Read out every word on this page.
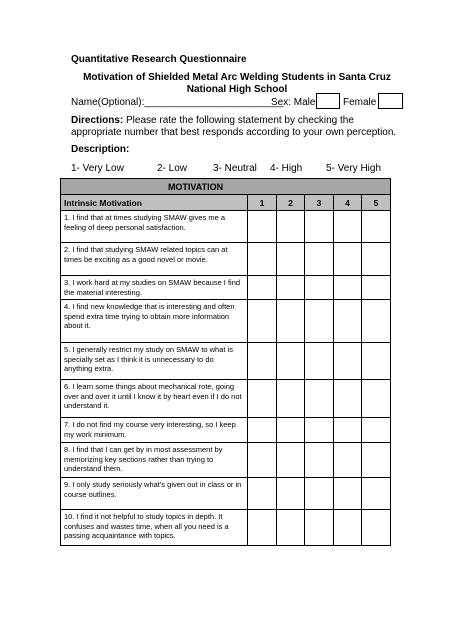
Quantitative Research Questionnaire
Motivation of Shielded Metal Arc Welding Students in Santa Cruz
National High School
Name(Optional):_________________________
Sex: Male	Female
Directions: Please rate the following statement by checking the appropriate number that best responds according to your own perception.
Description:
1- Very Low	2- Low	3- Neutral 4- High 5- Very High
MOTIVATION					
Intrinsic Motivation	1	2	3	4	5
1. I find that at times studying SMAW gives me a feeling of deep personal satisfaction.					
2. I find that studying SMAW related topics can at times be exciting as a good novel or movie.					
3. I work hard at my studies on SMAW because I find the material interesting.					
4. I find new knowledge that is interesting and often spend extra time trying to obtain more information about it.					
5. I generally restrict my study on SMAW to what is specially set as I think it is unnecessary to do anything extra.					
6. I learn some things about mechanical rote, going over and over it until I know it by heart even if I do not understand it.					
7. I do not find my course very interesting, so I keep my work minimum.					
8. I find that I can get by in most assessment by memorizing key sections rather than trying to understand them.					
9. I only study seriously what's given out in class or in course outlines.					
10. I find it not helpful to study topics in depth. It confuses and wastes time, when all you need is a passing acquaintance with topics.					
